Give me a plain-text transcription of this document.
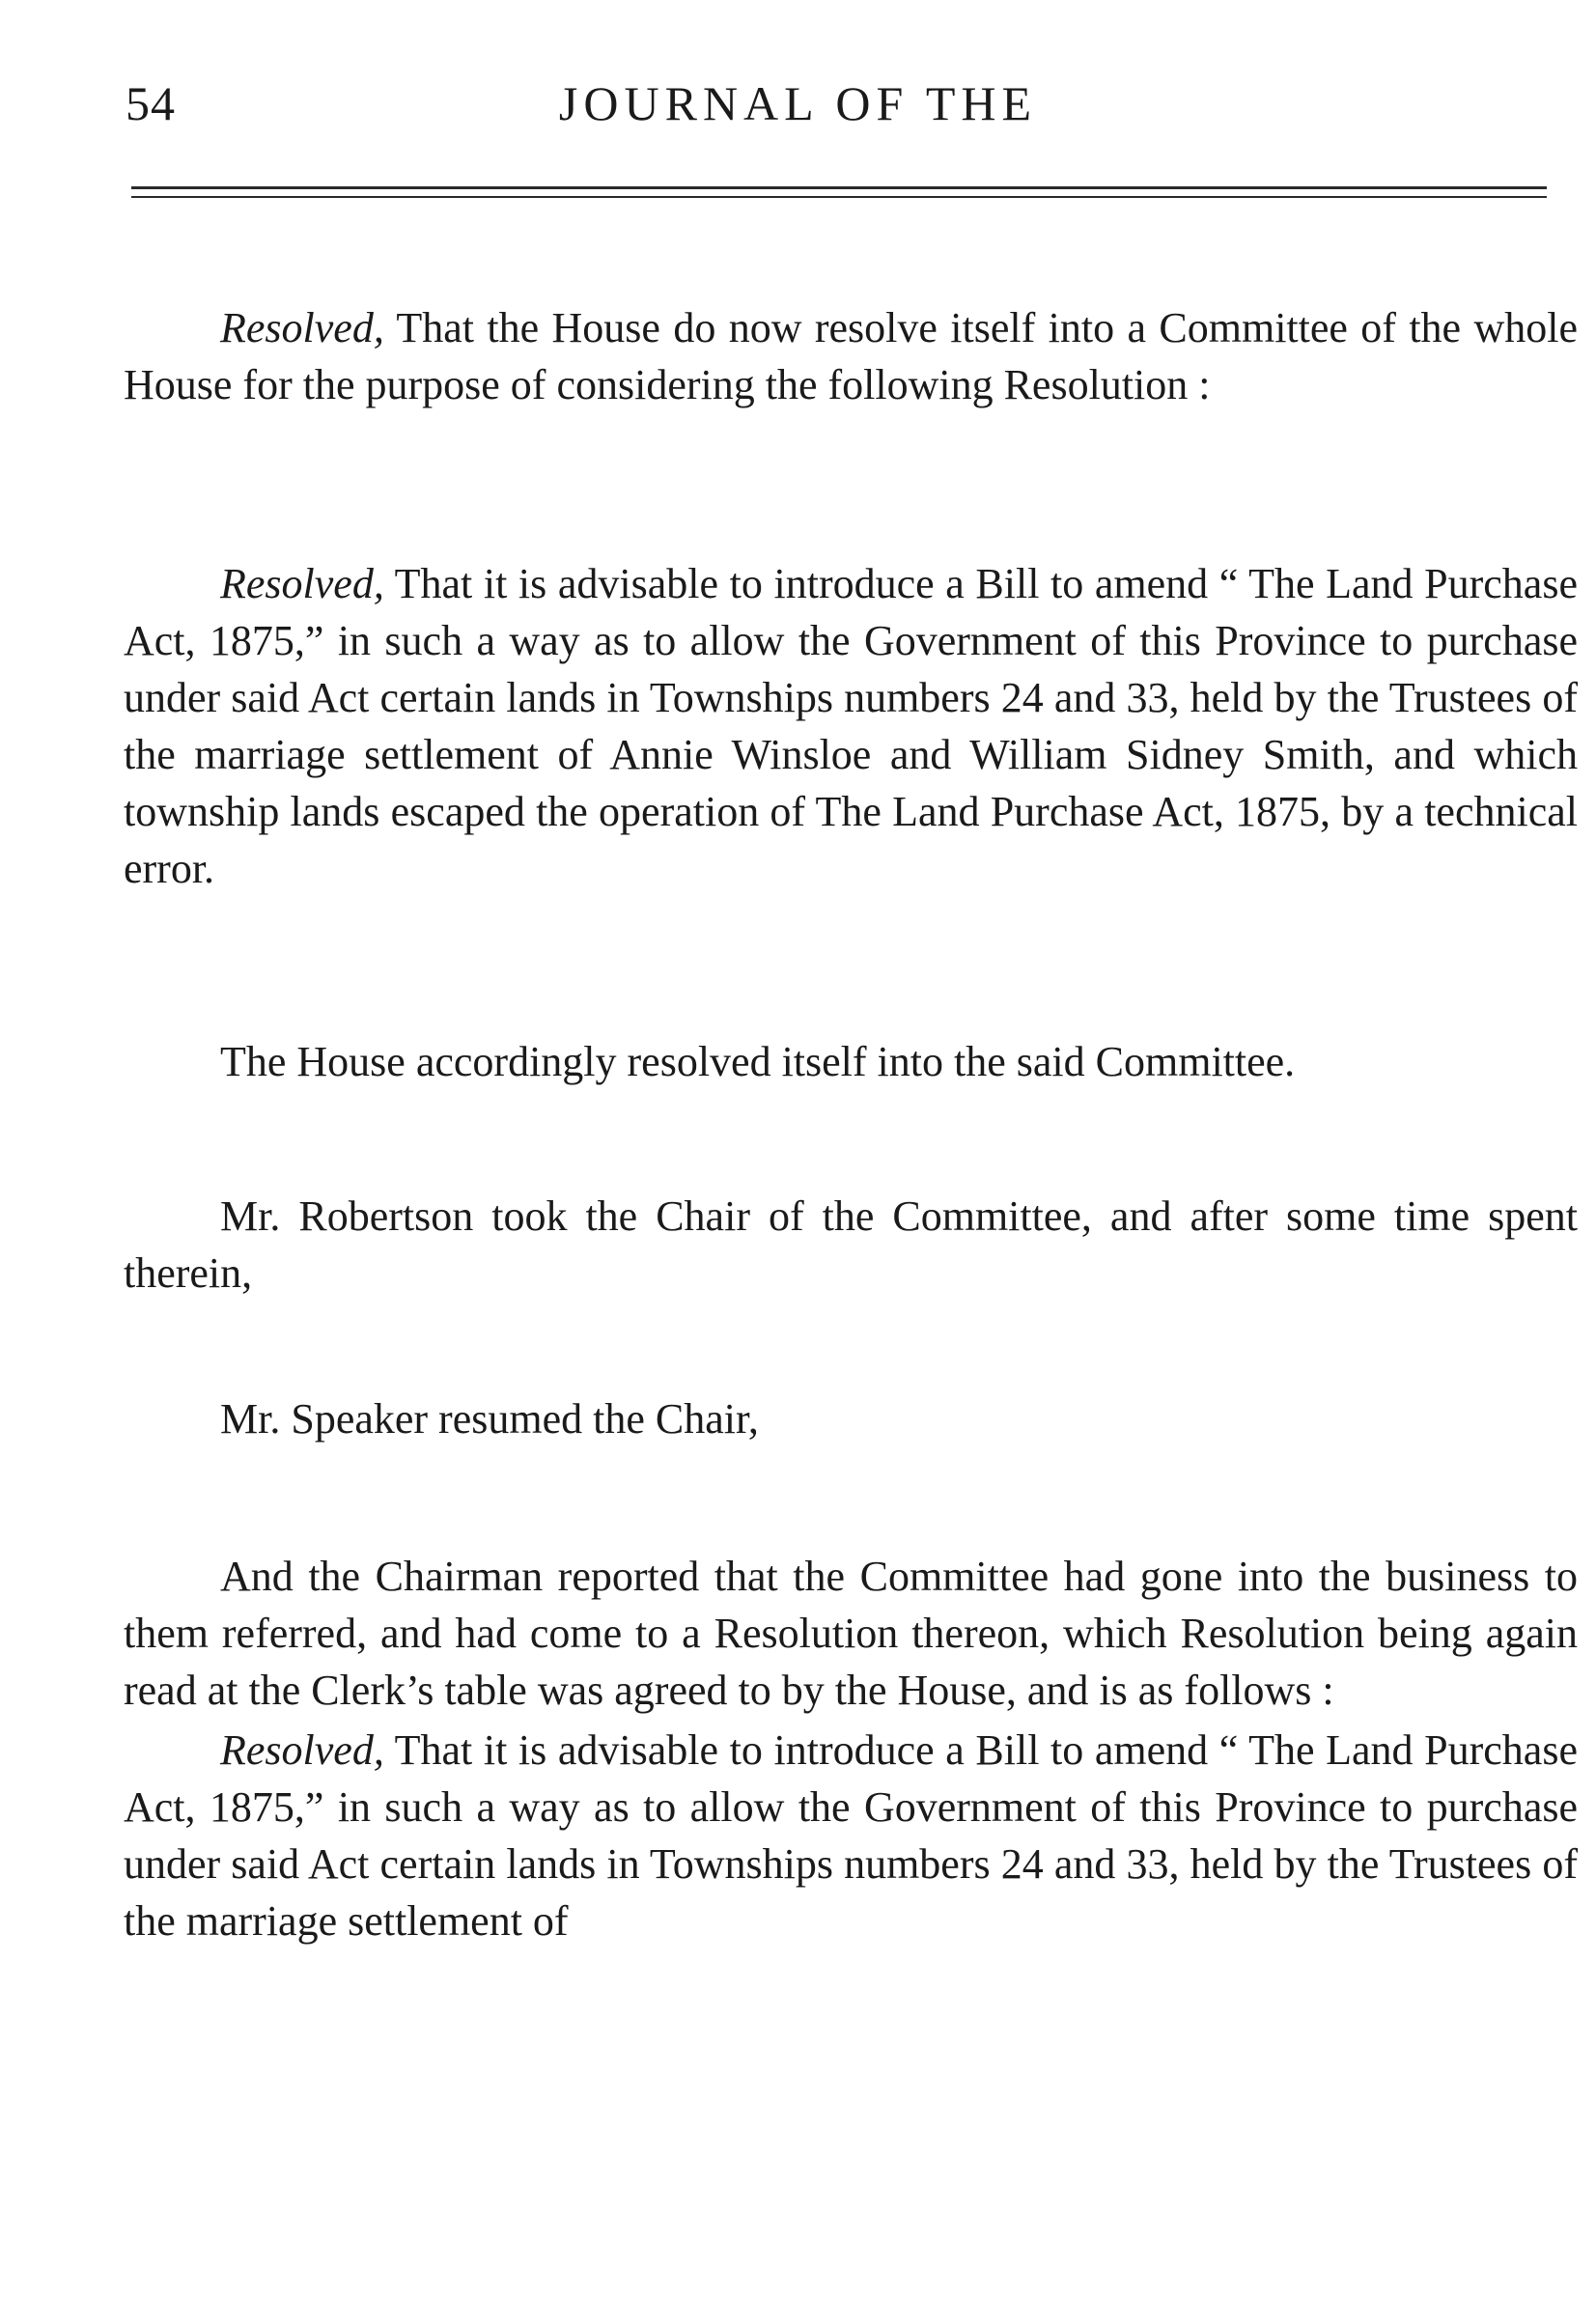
54	JOURNAL OF THE

Resolved, That the House do now resolve itself into a Committee of the whole House for the purpose of considering the following Resolution :

Resolved, That it is advisable to introduce a Bill to amend “ The Land Purchase Act, 1875,” in such a way as to allow the Government of this Province to purchase under said Act certain lands in Townships numbers 24 and 33, held by the Trustees of the marriage settlement of Annie Winsloe and William Sidney Smith, and which township lands escaped the operation of The Land Purchase Act, 1875, by a technical error.

The House accordingly resolved itself into the said Committee.

Mr. Robertson took the Chair of the Committee, and after some time spent therein,

Mr. Speaker resumed the Chair,

And the Chairman reported that the Committee had gone into the business to them referred, and had come to a Resolution thereon, which Resolution being again read at the Clerk’s table was agreed to by the House, and is as follows :

Resolved, That it is advisable to introduce a Bill to amend “ The Land Purchase Act, 1875,” in such a way as to allow the Government of this Province to purchase under said Act certain lands in Townships numbers 24 and 33, held by the Trustees of the marriage settlement of
